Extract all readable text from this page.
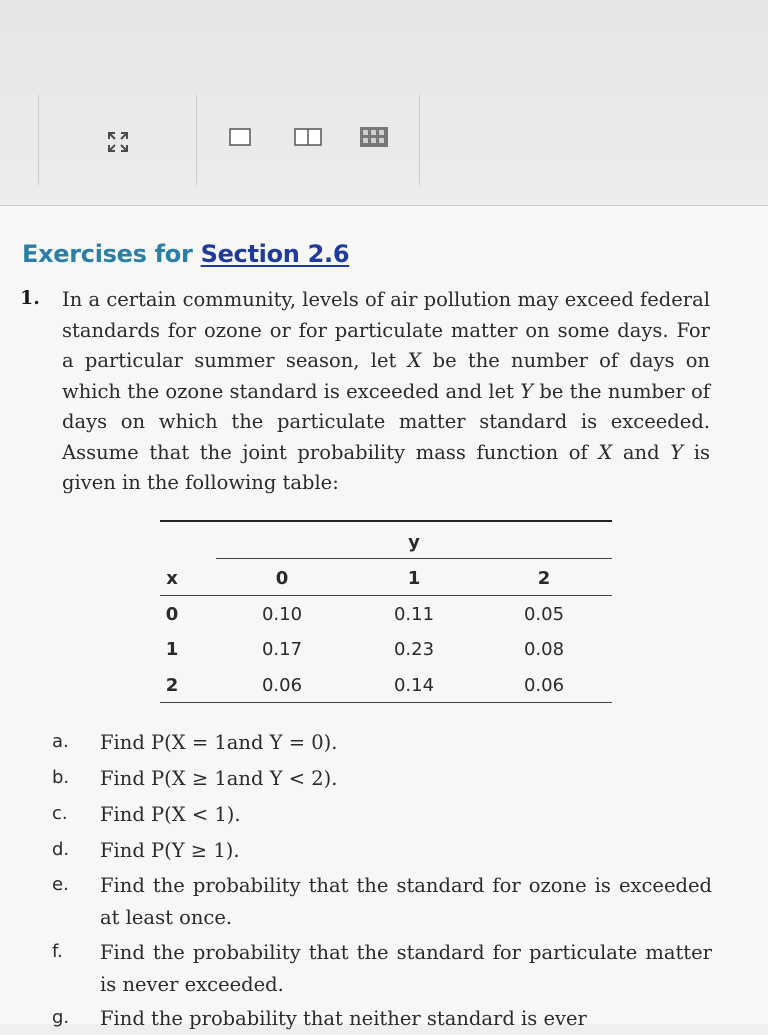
Exercises for Section 2.6
1. In a certain community, levels of air pollution may exceed federal standards for ozone or for particulate matter on some days. For a particular summer season, let X be the number of days on which the ozone standard is exceeded and let Y be the number of days on which the particulate matter standard is exceeded. Assume that the joint probability mass function of X and Y is given in the following table:
y
x	0	1	2
0	0.10	0.11	0.05
1	0.17	0.23	0.08
2	0.06	0.14	0.06
a. Find P(X = 1and Y = 0).
b. Find P(X ≥ 1and Y < 2).
c. Find P(X < 1).
d. Find P(Y ≥ 1).
e. Find the probability that the standard for ozone is exceeded at least once.
f. Find the probability that the standard for particulate matter is never exceeded.
g. Find the probability that neither standard is ever
